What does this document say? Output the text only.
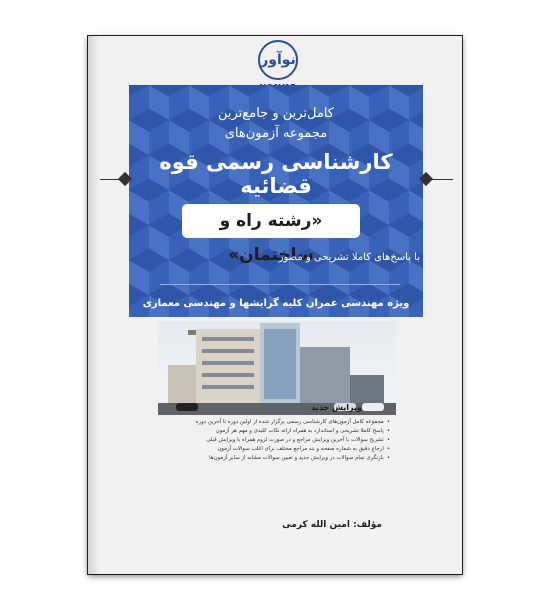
نوآور
کامل‌ترین و جامع‌ترین
مجموعه آزمون‌های
کارشناسی رسمی قوه قضائیه
«رشته راه و ساختمان»
با پاسخ‌های کاملا تشریحی و مصور
ویژه مهندسی عمران کلیه گرایشها و مهندسی معماری
ویرایش جدید
• مجموعه کامل آزمون‌های کارشناسی رسمی برگزار شده از اولین دوره تا آخرین دوره
• پاسخ کاملا تشریحی و استاندارد به همراه ارائه نکات کلیدی و مهم هر آزمون
• تشریح سوالات با آخرین ویرایش مراجع و در صورت لزوم همراه با ویرایش قبلی
• ارجاع دقیق به شماره صفحه و بند مراجع مختلف برای اغلب سوالات آزمون
• بازنگری تمام سوالات در ویرایش جدید و تعیین سوالات مشابه از سایر آزمون‌ها
مؤلف: امین الله کرمی
